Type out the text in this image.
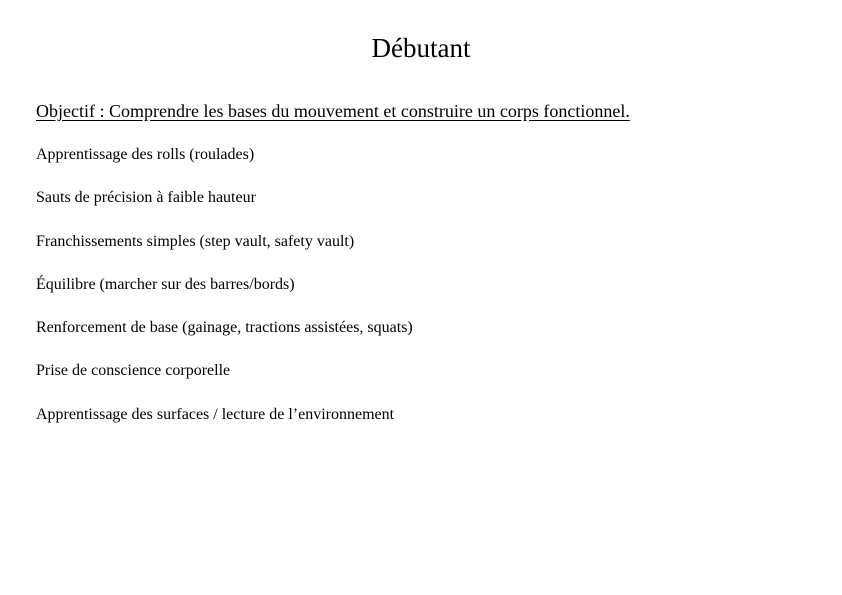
Débutant

Objectif : Comprendre les bases du mouvement et construire un corps fonctionnel.

Apprentissage des rolls (roulades)
Sauts de précision à faible hauteur
Franchissements simples (step vault, safety vault)
Équilibre (marcher sur des barres/bords)
Renforcement de base (gainage, tractions assistées, squats)
Prise de conscience corporelle
Apprentissage des surfaces / lecture de l’environnement
